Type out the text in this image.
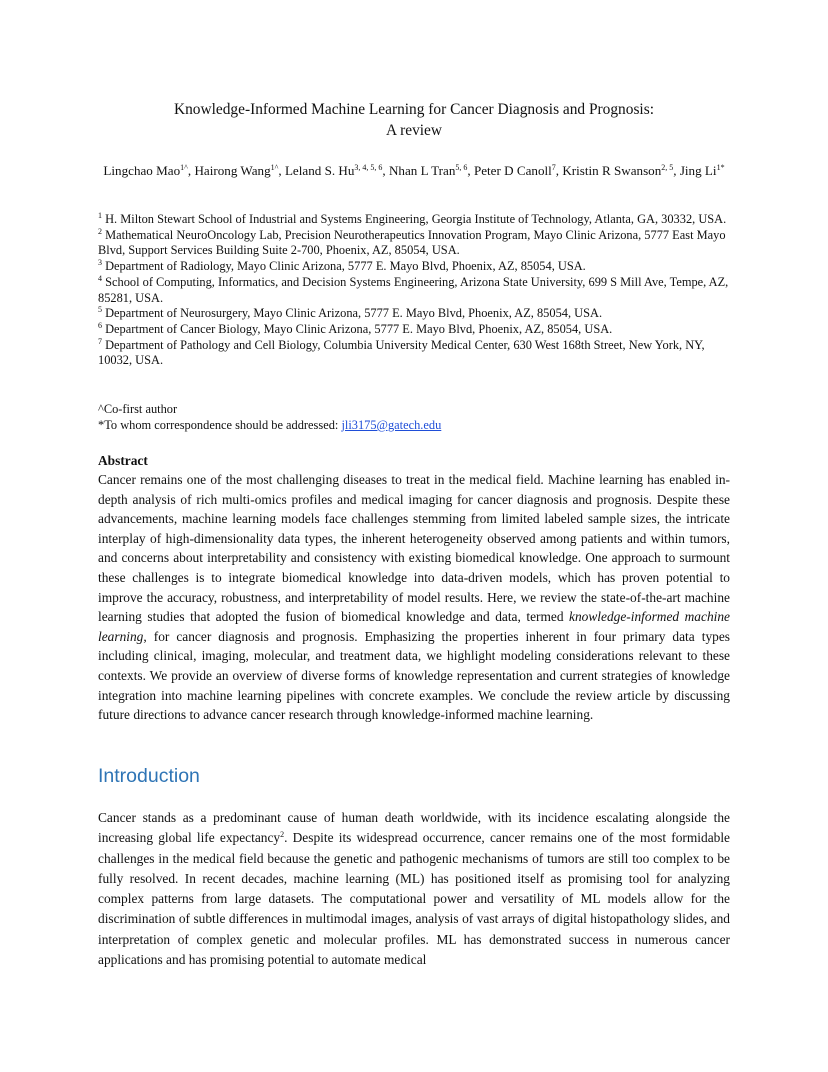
Knowledge-Informed Machine Learning for Cancer Diagnosis and Prognosis:
A review
Lingchao Mao$^{1\^{}}$, Hairong Wang$^{1\^{}}$, Leland S. Hu$^{3, 4, 5, 6}$, Nhan L Tran$^{5, 6}$, Peter D Canoll$^7$, Kristin R Swanson$^{2, 5}$, Jing $Li^{1*}$

$^1$ H. Milton Stewart School of Industrial and Systems Engineering, Georgia Institute of Technology, Atlanta, GA, 30332, USA.

$^2$ Mathematical NeuroOncology Lab, Precision Neurotherapeutics Innovation Program, Mayo Clinic Arizona, 5777 East Mayo Blvd, Support Services Building Suite 2-700, Phoenix, AZ, 85054, USA.

$^3$ Department of Radiology, Mayo Clinic Arizona, 5777 E. Mayo Blvd, Phoenix, AZ, 85054, USA.

$^4$ School of Computing, Informatics, and Decision Systems Engineering, Arizona State University, 699 S Mill Ave, Tempe, AZ, 85281, USA.

$^5$ Department of Neurosurgery, Mayo Clinic Arizona, 5777 E. Mayo Blvd, Phoenix, AZ, 85054, USA.

$^6$ Department of Cancer Biology, Mayo Clinic Arizona, 5777 E. Mayo Blvd, Phoenix, AZ, 85054, USA.

$^7$ Department of Pathology and Cell Biology, Columbia University Medical Center, 630 West 168th Street, New York, NY, 10032, USA.

^Co-first author

*To whom correspondence should be addressed: jli3175@gatech.edu

Abstract

Cancer remains one of the most challenging diseases to treat in the medical field. Machine learning has enabled in-depth analysis of rich multi-omics profiles and medical imaging for cancer diagnosis and prognosis. Despite these advancements, machine learning models face challenges stemming from limited labeled sample sizes, the intricate interplay of high-dimensionality data types, the inherent heterogeneity observed among patients and within tumors, and concerns about interpretability and consistency with existing biomedical knowledge. One approach to surmount these challenges is to integrate biomedical knowledge into data-driven models, which has proven potential to improve the accuracy, robustness, and interpretability of model results. Here, we review the state-of-the-art machine learning studies that adopted the fusion of biomedical knowledge and data, termed knowledge-informed machine learning, for cancer diagnosis and prognosis. Emphasizing the properties inherent in four primary data types including clinical, imaging, molecular, and treatment data, we highlight modeling considerations relevant to these contexts. We provide an overview of diverse forms of knowledge representation and current strategies of knowledge integration into machine learning pipelines with concrete examples. We conclude the review article by discussing future directions to advance cancer research through knowledge-informed machine learning.

Introduction

Cancer stands as a predominant cause of human death worldwide, with its incidence escalating alongside the increasing global life expectancy$^2$. Despite its widespread occurrence, cancer remains one of the most formidable challenges in the medical field because the genetic and pathogenic mechanisms of tumors are still too complex to be fully resolved. In recent decades, machine learning (ML) has positioned itself as promising tool for analyzing complex patterns from large datasets. The computational power and versatility of ML models allow for the discrimination of subtle differences in multimodal images, analysis of vast arrays of digital histopathology slides, and interpretation of complex genetic and molecular profiles. ML has demonstrated success in numerous cancer applications and has promising potential to automate medical
